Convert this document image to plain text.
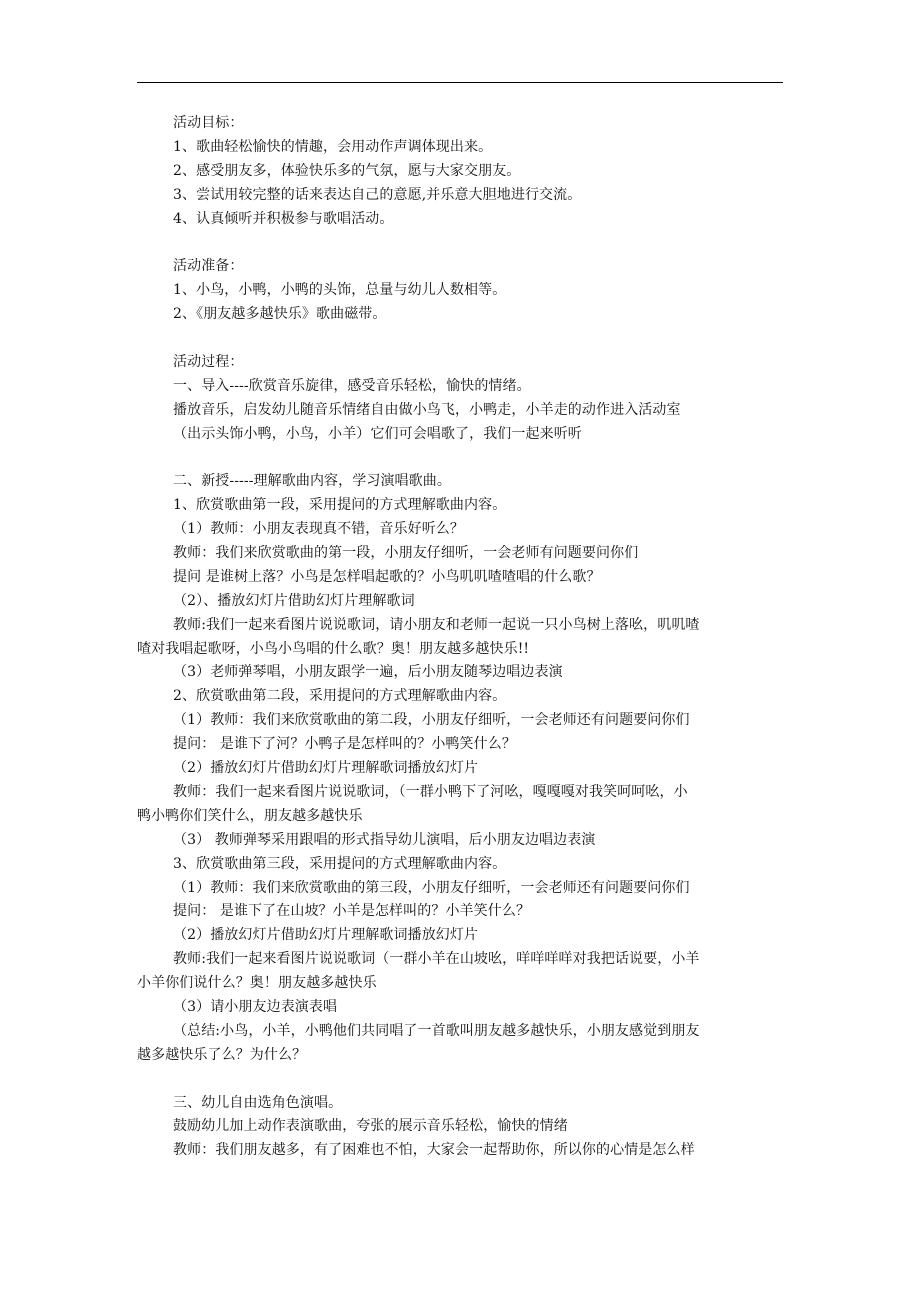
活动目标：
1、歌曲轻松愉快的情趣，会用动作声调体现出来。
2、感受朋友多，体验快乐多的气氛，愿与大家交朋友。
3、尝试用较完整的话来表达自己的意愿,并乐意大胆地进行交流。
4、认真倾听并积极参与歌唱活动。
活动准备：
1、小鸟，小鸭，小鸭的头饰，总量与幼儿人数相等。
2、《朋友越多越快乐》歌曲磁带。
活动过程：
一、导入----欣赏音乐旋律，感受音乐轻松，愉快的情绪。
播放音乐，启发幼儿随音乐情绪自由做小鸟飞，小鸭走，小羊走的动作进入活动室
（出示头饰小鸭，小鸟，小羊）它们可会唱歌了，我们一起来听听
二、新授-----理解歌曲内容，学习演唱歌曲。
1、欣赏歌曲第一段，采用提问的方式理解歌曲内容。
（1）教师：小朋友表现真不错，音乐好听么？
教师：我们来欣赏歌曲的第一段，小朋友仔细听，一会老师有问题要问你们
提问 是谁树上落？小鸟是怎样唱起歌的？小鸟叽叽喳喳唱的什么歌？
（2）、播放幻灯片借助幻灯片理解歌词
教师:我们一起来看图片说说歌词，请小朋友和老师一起说一只小鸟树上落吆，叽叽喳
喳对我唱起歌呀，小鸟小鸟唱的什么歌？奥！朋友越多越快乐!!
（3）老师弹琴唱，小朋友跟学一遍，后小朋友随琴边唱边表演
2、欣赏歌曲第二段，采用提问的方式理解歌曲内容。
（1）教师：我们来欣赏歌曲的第二段，小朋友仔细听，一会老师还有问题要问你们
提问： 是谁下了河？小鸭子是怎样叫的？小鸭笑什么？
（2）播放幻灯片借助幻灯片理解歌词播放幻灯片
教师：我们一起来看图片说说歌词，（一群小鸭下了河吆，嘎嘎嘎对我笑呵呵吆，小
鸭小鸭你们笑什么，朋友越多越快乐
（3） 教师弹琴采用跟唱的形式指导幼儿演唱，后小朋友边唱边表演
3、欣赏歌曲第三段，采用提问的方式理解歌曲内容。
（1）教师：我们来欣赏歌曲的第三段，小朋友仔细听，一会老师还有问题要问你们
提问： 是谁下了在山坡？小羊是怎样叫的？小羊笑什么？
（2）播放幻灯片借助幻灯片理解歌词播放幻灯片
教师:我们一起来看图片说说歌词（一群小羊在山坡吆，咩咩咩咩对我把话说要，小羊
小羊你们说什么？奥！朋友越多越快乐
（3）请小朋友边表演表唱
（总结:小鸟，小羊，小鸭他们共同唱了一首歌叫朋友越多越快乐，小朋友感觉到朋友
越多越快乐了么？为什么？
三、幼儿自由选角色演唱。
鼓励幼儿加上动作表演歌曲，夸张的展示音乐轻松，愉快的情绪
教师：我们朋友越多，有了困难也不怕，大家会一起帮助你，所以你的心情是怎么样
